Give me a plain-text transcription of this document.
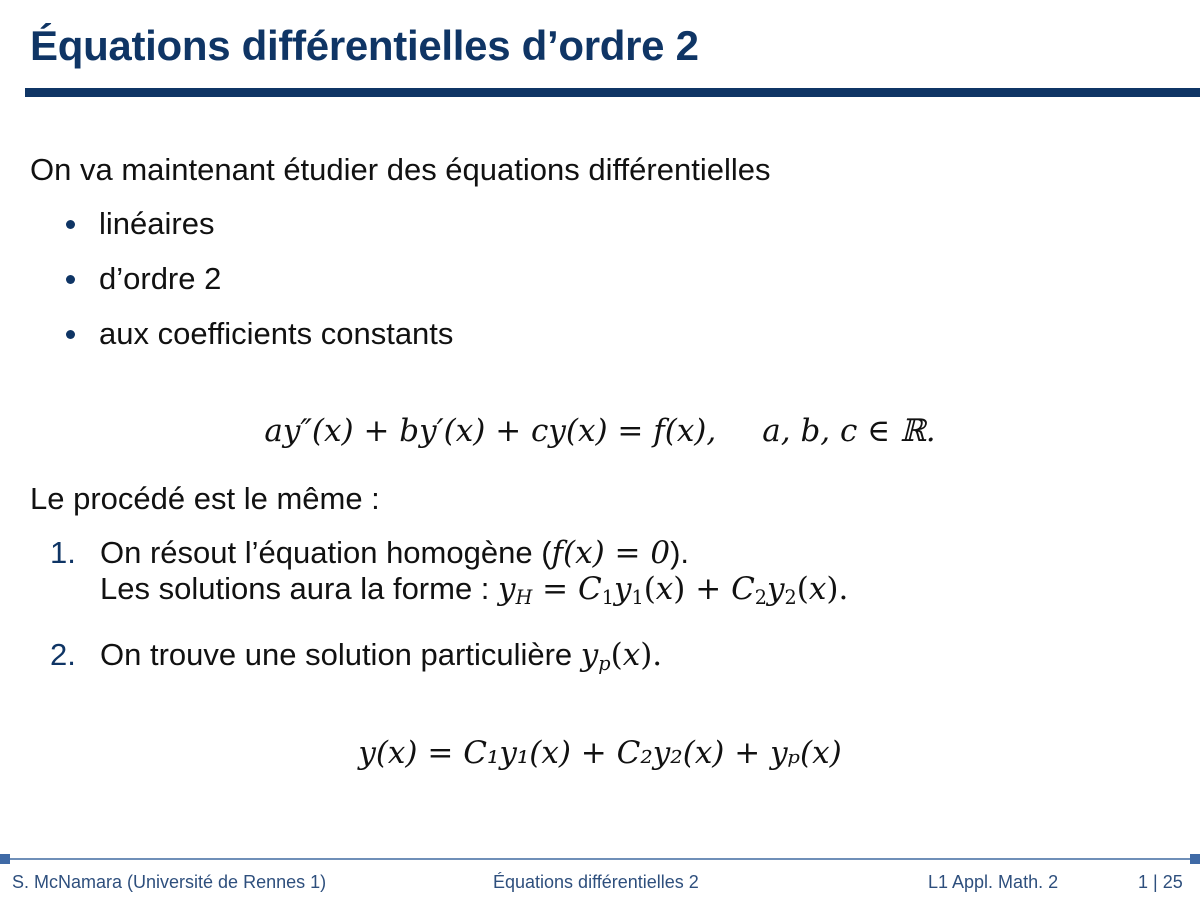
Équations différentielles d’ordre 2
On va maintenant étudier des équations différentielles
linéaires
d’ordre 2
aux coefficients constants
ay″(x) + by′(x) + cy(x) = f(x), a, b, c ∈ ℝ.
Le procédé est le même :
1. On résout l’équation homogène (f(x) = 0).
Les solutions aura la forme : $y_H = C_1y_1(x) + C_2y_2(x)$.
2. On trouve une solution particulière $y_p(x)$.
y(x) = C₁y₁(x) + C₂y₂(x) + yₚ(x)
S. McNamara (Université de Rennes 1)	Équations différentielles 2	L1 Appl. Math. 2	1 | 25
